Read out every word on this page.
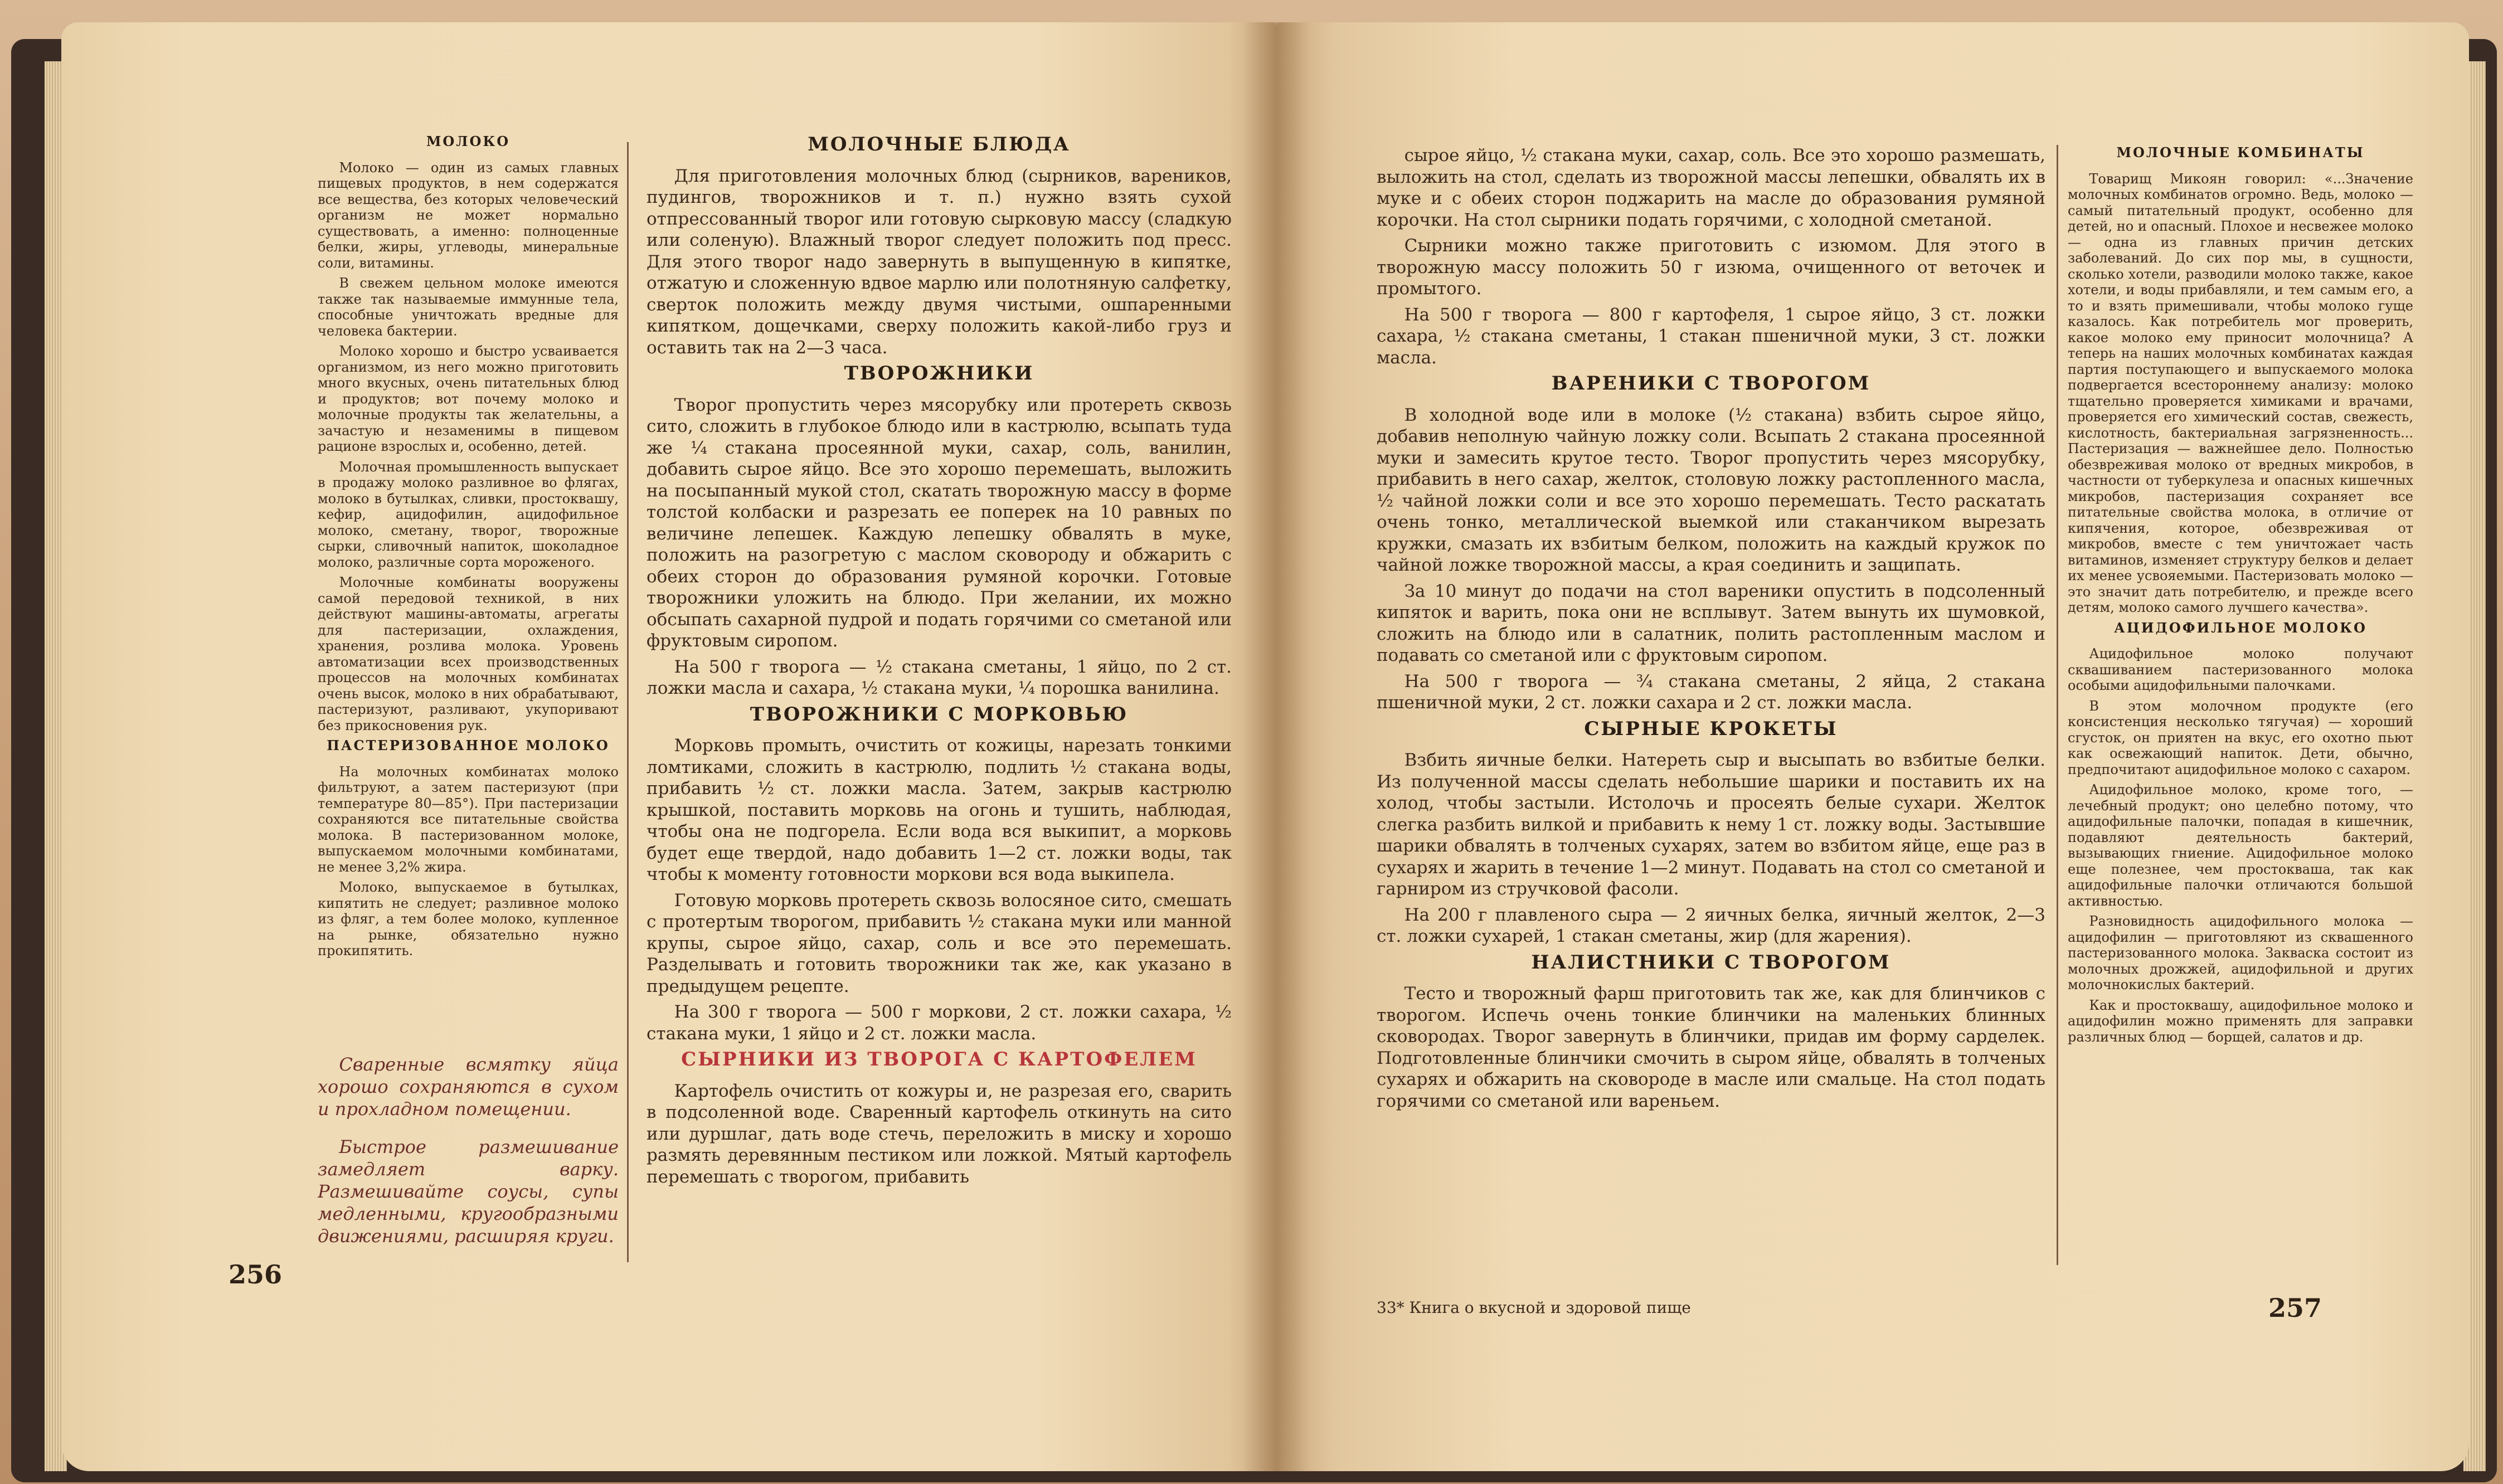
МОЛОКО

Молоко — один из самых главных пищевых продуктов, в нем содержатся все вещества, без которых человеческий организм не может нормально существовать, а именно: полноценные белки, жиры, углеводы, минеральные соли, витамины.

В свежем цельном молоке имеются также так называемые иммунные тела, способные уничтожать вредные для человека бактерии.

Молоко хорошо и быстро усваивается организмом, из него можно приготовить много вкусных, очень питательных блюд и продуктов; вот почему молоко и молочные продукты так желательны, а зачастую и незаменимы в пищевом рационе взрослых и, особенно, детей.

Молочная промышленность выпускает в продажу молоко разливное во флягах, молоко в бутылках, сливки, простоквашу, кефир, ацидофилин, ацидофильное молоко, сметану, творог, творожные сырки, сливочный напиток, шоколадное молоко, различные сорта мороженого.

Молочные комбинаты вооружены самой передовой техникой, в них действуют машины-автоматы, агрегаты для пастеризации, охлаждения, хранения, розлива молока. Уровень автоматизации всех производственных процессов на молочных комбинатах очень высок, молоко в них обрабатывают, пастеризуют, разливают, укупоривают без прикосновения рук.

ПАСТЕРИЗОВАННОЕ МОЛОКО

На молочных комбинатах молоко фильтруют, а затем пастеризуют (при температуре 80—85°). При пастеризации сохраняются все питательные свойства молока. В пастеризованном молоке, выпускаемом молочными комбинатами, не менее 3,2% жира.

Молоко, выпускаемое в бутылках, кипятить не следует; разливное молоко из фляг, а тем более молоко, купленное на рынке, обязательно нужно прокипятить.

Сваренные всмятку яйца хорошо сохраняются в сухом и прохладном помещении.

Быстрое размешивание замедляет варку. Размешивайте соусы, супы медленными, кругообразными движениями, расширяя круги.

МОЛОЧНЫЕ БЛЮДА

Для приготовления молочных блюд (сырников, вареников, пудингов, творожников и т. п.) нужно взять сухой отпрессованный творог или готовую сырковую массу (сладкую или соленую). Влажный творог следует положить под пресс. Для этого творог надо завернуть в выпущенную в кипятке, отжатую и сложенную вдвое марлю или полотняную салфетку, сверток положить между двумя чистыми, ошпаренными кипятком, дощечками, сверху положить какой-либо груз и оставить так на 2—3 часа.

ТВОРОЖНИКИ

Творог пропустить через мясорубку или протереть сквозь сито, сложить в глубокое блюдо или в кастрюлю, всыпать туда же ¼ стакана просеянной муки, сахар, соль, ванилин, добавить сырое яйцо. Все это хорошо перемешать, выложить на посыпанный мукой стол, скатать творожную массу в форме толстой колбаски и разрезать ее поперек на 10 равных по величине лепешек. Каждую лепешку обвалять в муке, положить на разогретую с маслом сковороду и обжарить с обеих сторон до образования румяной корочки. Готовые творожники уложить на блюдо. При желании, их можно обсыпать сахарной пудрой и подать горячими со сметаной или фруктовым сиропом.

На 500 г творога — ½ стакана сметаны, 1 яйцо, по 2 ст. ложки масла и сахара, ½ стакана муки, ¼ порошка ванилина.

ТВОРОЖНИКИ С МОРКОВЬЮ

Морковь промыть, очистить от кожицы, нарезать тонкими ломтиками, сложить в кастрюлю, подлить ½ стакана воды, прибавить ½ ст. ложки масла. Затем, закрыв кастрюлю крышкой, поставить морковь на огонь и тушить, наблюдая, чтобы она не подгорела. Если вода вся выкипит, а морковь будет еще твердой, надо добавить 1—2 ст. ложки воды, так чтобы к моменту готовности моркови вся вода выкипела.

Готовую морковь протереть сквозь волосяное сито, смешать с протертым творогом, прибавить ½ стакана муки или манной крупы, сырое яйцо, сахар, соль и все это перемешать. Разделывать и готовить творожники так же, как указано в предыдущем рецепте.

На 300 г творога — 500 г моркови, 2 ст. ложки сахара, ½ стакана муки, 1 яйцо и 2 ст. ложки масла.

СЫРНИКИ ИЗ ТВОРОГА С КАРТОФЕЛЕМ

Картофель очистить от кожуры и, не разрезая его, сварить в подсоленной воде. Сваренный картофель откинуть на сито или дуршлаг, дать воде стечь, переложить в миску и хорошо размять деревянным пестиком или ложкой. Мятый картофель перемешать с творогом, прибавить

256

сырое яйцо, ½ стакана муки, сахар, соль. Все это хорошо размешать, выложить на стол, сделать из творожной массы лепешки, обвалять их в муке и с обеих сторон поджарить на масле до образования румяной корочки. На стол сырники подать горячими, с холодной сметаной.

Сырники можно также приготовить с изюмом. Для этого в творожную массу положить 50 г изюма, очищенного от веточек и промытого.

На 500 г творога — 800 г картофеля, 1 сырое яйцо, 3 ст. ложки сахара, ½ стакана сметаны, 1 стакан пшеничной муки, 3 ст. ложки масла.

ВАРЕНИКИ С ТВОРОГОМ

В холодной воде или в молоке (½ стакана) взбить сырое яйцо, добавив неполную чайную ложку соли. Всыпать 2 стакана просеянной муки и замесить крутое тесто. Творог пропустить через мясорубку, прибавить в него сахар, желток, столовую ложку растопленного масла, ½ чайной ложки соли и все это хорошо перемешать. Тесто раскатать очень тонко, металлической выемкой или стаканчиком вырезать кружки, смазать их взбитым белком, положить на каждый кружок по чайной ложке творожной массы, а края соединить и защипать.

За 10 минут до подачи на стол вареники опустить в подсоленный кипяток и варить, пока они не всплывут. Затем вынуть их шумовкой, сложить на блюдо или в салатник, полить растопленным маслом и подавать со сметаной или с фруктовым сиропом.

На 500 г творога — ¾ стакана сметаны, 2 яйца, 2 стакана пшеничной муки, 2 ст. ложки сахара и 2 ст. ложки масла.

СЫРНЫЕ КРОКЕТЫ

Взбить яичные белки. Натереть сыр и высыпать во взбитые белки. Из полученной массы сделать небольшие шарики и поставить их на холод, чтобы застыли. Истолочь и просеять белые сухари. Желток слегка разбить вилкой и прибавить к нему 1 ст. ложку воды. Застывшие шарики обвалять в толченых сухарях, затем во взбитом яйце, еще раз в сухарях и жарить в течение 1—2 минут. Подавать на стол со сметаной и гарниром из стручковой фасоли.

На 200 г плавленого сыра — 2 яичных белка, яичный желток, 2—3 ст. ложки сухарей, 1 стакан сметаны, жир (для жарения).

НАЛИСТНИКИ С ТВОРОГОМ

Тесто и творожный фарш приготовить так же, как для блинчиков с творогом. Испечь очень тонкие блинчики на маленьких блинных сковородах. Творог завернуть в блинчики, придав им форму сарделек. Подготовленные блинчики смочить в сыром яйце, обвалять в толченых сухарях и обжарить на сковороде в масле или смальце. На стол подать горячими со сметаной или вареньем.

МОЛОЧНЫЕ КОМБИНАТЫ

Товарищ Микоян говорил: «...Значение молочных комбинатов огромно. Ведь, молоко — самый питательный продукт, особенно для детей, но и опасный. Плохое и несвежее молоко — одна из главных причин детских заболеваний. До сих пор мы, в сущности, сколько хотели, разводили молоко также, какое хотели, и воды прибавляли, и тем самым его, а то и взять примешивали, чтобы молоко гуще казалось. Как потребитель мог проверить, какое молоко ему приносит молочница? А теперь на наших молочных комбинатах каждая партия поступающего и выпускаемого молока подвергается всестороннему анализу: молоко тщательно проверяется химиками и врачами, проверяется его химический состав, свежесть, кислотность, бактериальная загрязненность... Пастеризация — важнейшее дело. Полностью обезвреживая молоко от вредных микробов, в частности от туберкулеза и опасных кишечных микробов, пастеризация сохраняет все питательные свойства молока, в отличие от кипячения, которое, обезвреживая от микробов, вместе с тем уничтожает часть витаминов, изменяет структуру белков и делает их менее усвояемыми. Пастеризовать молоко — это значит дать потребителю, и прежде всего детям, молоко самого лучшего качества».

АЦИДОФИЛЬНОЕ МОЛОКО

Ацидофильное молоко получают сквашиванием пастеризованного молока особыми ацидофильными палочками.

В этом молочном продукте (его консистенция несколько тягучая) — хороший сгусток, он приятен на вкус, его охотно пьют как освежающий напиток. Дети, обычно, предпочитают ацидофильное молоко с сахаром.

Ацидофильное молоко, кроме того, — лечебный продукт; оно целебно потому, что ацидофильные палочки, попадая в кишечник, подавляют деятельность бактерий, вызывающих гниение. Ацидофильное молоко еще полезнее, чем простокваша, так как ацидофильные палочки отличаются большой активностью.

Разновидность ацидофильного молока — ацидофилин — приготовляют из сквашенного пастеризованного молока. Закваска состоит из молочных дрожжей, ацидофильной и других молочнокислых бактерий.

Как и простоквашу, ацидофильное молоко и ацидофилин можно применять для заправки различных блюд — борщей, салатов и др.

33* Книга о вкусной и здоровой пище	257
